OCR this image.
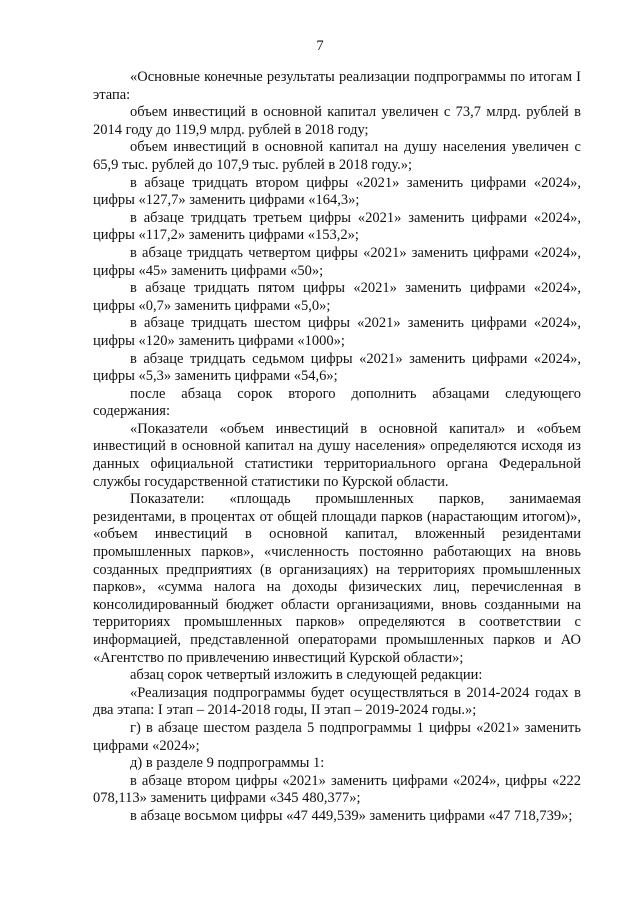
7

«Основные конечные результаты реализации подпрограммы по итогам I этапа:

объем инвестиций в основной капитал увеличен с 73,7 млрд. рублей в 2014 году до 119,9 млрд. рублей в 2018 году;

объем инвестиций в основной капитал на душу населения увеличен с 65,9 тыс. рублей до 107,9 тыс. рублей в 2018 году.»;

в абзаце тридцать втором цифры «2021» заменить цифрами «2024», цифры «127,7» заменить цифрами «164,3»;

в абзаце тридцать третьем цифры «2021» заменить цифрами «2024», цифры «117,2» заменить цифрами «153,2»;

в абзаце тридцать четвертом цифры «2021» заменить цифрами «2024», цифры «45» заменить цифрами «50»;

в абзаце тридцать пятом цифры «2021» заменить цифрами «2024», цифры «0,7» заменить цифрами «5,0»;

в абзаце тридцать шестом цифры «2021» заменить цифрами «2024», цифры «120» заменить цифрами «1000»;

в абзаце тридцать седьмом цифры «2021» заменить цифрами «2024», цифры «5,3» заменить цифрами «54,6»;

после абзаца сорок второго дополнить абзацами следующего содержания:

«Показатели «объем инвестиций в основной капитал» и «объем инвестиций в основной капитал на душу населения» определяются исходя из данных официальной статистики территориального органа Федеральной службы государственной статистики по Курской области.

Показатели: «площадь промышленных парков, занимаемая резидентами, в процентах от общей площади парков (нарастающим итогом)», «объем инвестиций в основной капитал, вложенный резидентами промышленных парков», «численность постоянно работающих на вновь созданных предприятиях (в организациях) на территориях промышленных парков», «сумма налога на доходы физических лиц, перечисленная в консолидированный бюджет области организациями, вновь созданными на территориях промышленных парков» определяются в соответствии с информацией, представленной операторами промышленных парков и АО «Агентство по привлечению инвестиций Курской области»;

абзац сорок четвертый изложить в следующей редакции:

«Реализация подпрограммы будет осуществляться в 2014-2024 годах в два этапа: I этап – 2014-2018 годы, II этап – 2019-2024 годы.»;

г) в абзаце шестом раздела 5 подпрограммы 1 цифры «2021» заменить цифрами «2024»;

д) в разделе 9 подпрограммы 1:

в абзаце втором цифры «2021» заменить цифрами «2024», цифры «222 078,113» заменить цифрами «345 480,377»;

в абзаце восьмом цифры «47 449,539» заменить цифрами «47 718,739»;
